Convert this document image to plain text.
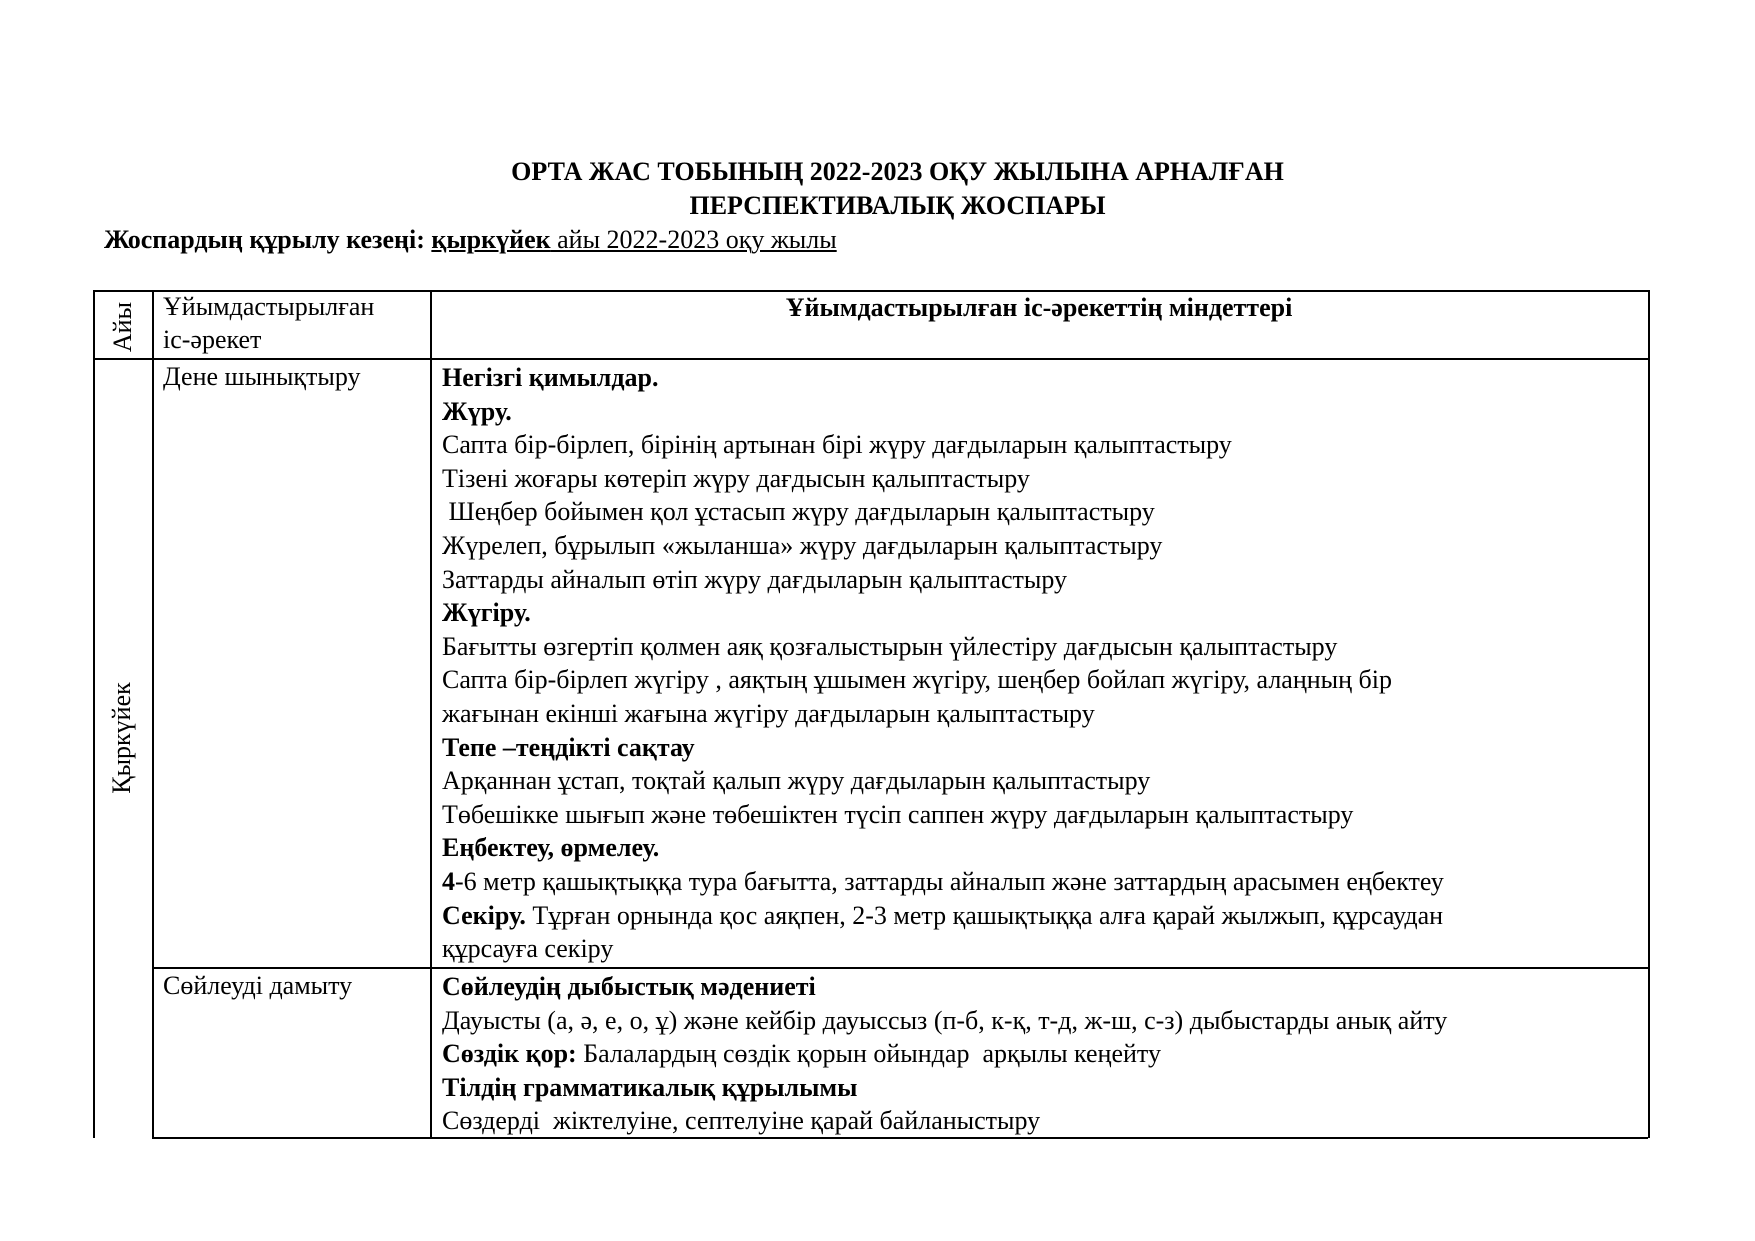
ОРТА ЖАС ТОБЫНЫҢ 2022-2023 ОҚУ ЖЫЛЫНА АРНАЛҒАН
ПЕРСПЕКТИВАЛЫҚ ЖОСПАРЫ
Жоспардың құрылу кезеңі: қыркүйек айы 2022-2023 оқу жылы
Айы Ұйымдастырылған
іс-әрекет
Ұйымдастырылған іс-әрекеттің міндеттері
Қыркүйек
Дене шынықтыру	Негізгі қимылдар.
Жүру.
Сапта бір-бірлеп, бірінің артынан бірі жүру дағдыларын қалыптастыру
Тізені жоғары көтеріп жүру дағдысын қалыптастыру
Шеңбер бойымен қол ұстасып жүру дағдыларын қалыптастыру
Жүрелеп, бұрылып «жыланша» жүру дағдыларын қалыптастыру
Заттарды айналып өтіп жүру дағдыларын қалыптастыру
Жүгіру.
Бағытты өзгертіп қолмен аяқ қозғалыстырын үйлестіру дағдысын қалыптастыру
Сапта бір-бірлеп жүгіру , аяқтың ұшымен жүгіру, шеңбер бойлап жүгіру, алаңның бір
жағынан екінші жағына жүгіру дағдыларын қалыптастыру
Тепе –теңдікті сақтау
Арқаннан ұстап, тоқтай қалып жүру дағдыларын қалыптастыру
Төбешікке шығып және төбешіктен түсіп саппен жүру дағдыларын қалыптастыру
Еңбектеу, өрмелеу.
4-6 метр қашықтыққа тура бағытта, заттарды айналып және заттардың арасымен еңбектеу
Секіру. Тұрған орнында қос аяқпен, 2-3 метр қашықтыққа алға қарай жылжып, құрсаудан
құрсауға секіру
Сөйлеуді дамыту	Сөйлеудің дыбыстық мәдениеті
Дауысты (а, ә, е, о, ұ) және кейбір дауыссыз (п-б, к-қ, т-д, ж-ш, с-з) дыбыстарды анық айту
Сөздік қор: Балалардың сөздік қорын ойындар  арқылы кеңейту
Тілдің грамматикалық құрылымы
Сөздерді  жіктелуіне, септелуіне қарай байланыстыру
